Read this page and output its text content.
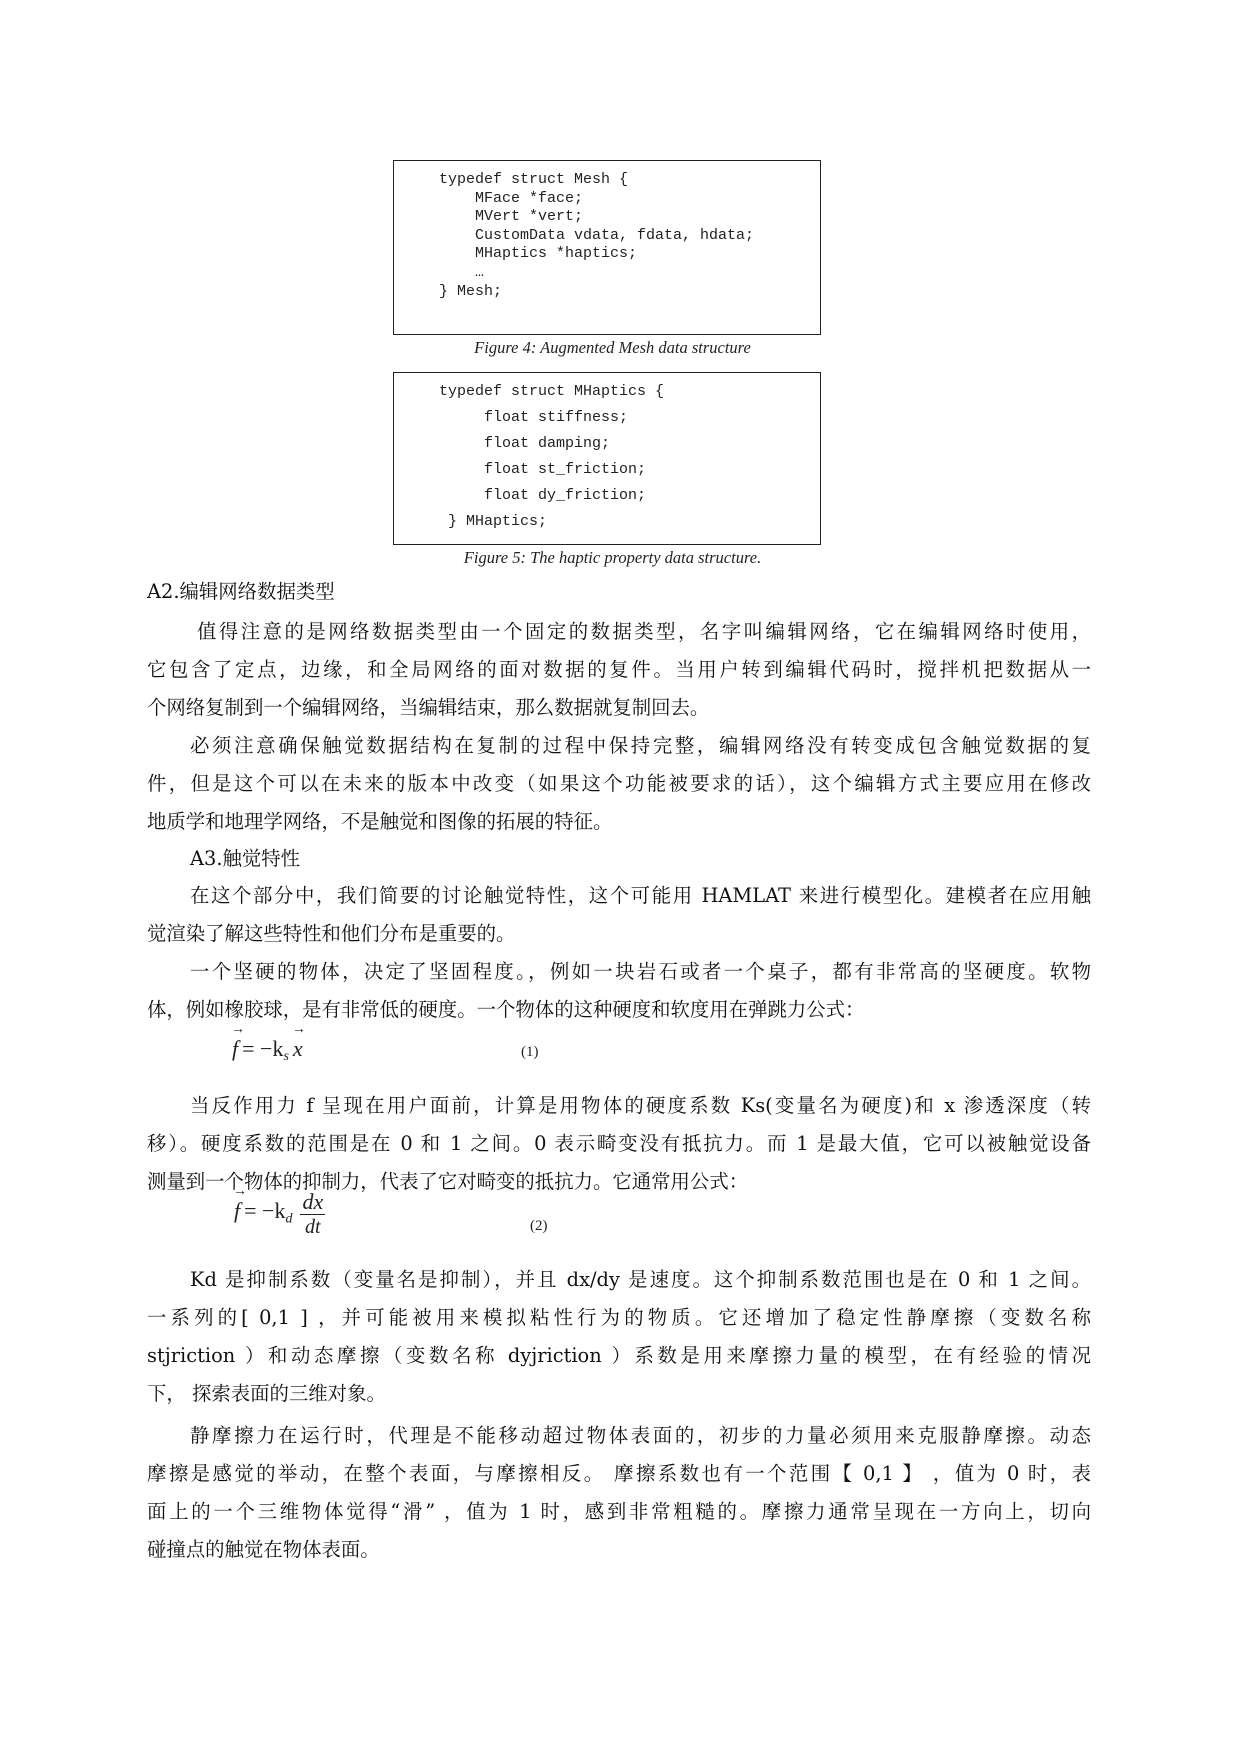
typedef struct Mesh {
MFace *face;
MVert *vert;
CustomData vdata, fdata, hdata;
MHaptics *haptics;
…
} Mesh;
Figure 4: Augmented Mesh data structure
typedef struct MHaptics {
float stiffness;
float damping;
float st_friction;
float dy_friction;
} MHaptics;
Figure 5: The haptic property data structure.
A2.编辑网络数据类型
值得注意的是网络数据类型由一个固定的数据类型，名字叫编辑网络，它在编辑网络时使用，
它包含了定点，边缘，和全局网络的面对数据的复件。当用户转到编辑代码时，搅拌机把数据从一
个网络复制到一个编辑网络，当编辑结束，那么数据就复制回去。
必须注意确保触觉数据结构在复制的过程中保持完整，编辑网络没有转变成包含触觉数据的复
件，但是这个可以在未来的版本中改变（如果这个功能被要求的话），这个编辑方式主要应用在修改
地质学和地理学网络，不是触觉和图像的拓展的特征。
A3.触觉特性
在这个部分中，我们简要的讨论触觉特性，这个可能用 HAMLAT 来进行模型化。建模者在应用触
觉渲染了解这些特性和他们分布是重要的。
一个坚硬的物体，决定了坚固程度。，例如一块岩石或者一个桌子，都有非常高的坚硬度。软物
体，例如橡胶球，是有非常低的硬度。一个物体的这种硬度和软度用在弹跳力公式：
→ $f = -k_s \to x$	(1)
当反作用力 f 呈现在用户面前，计算是用物体的硬度系数 Ks(变量名为硬度)和 x 渗透深度（转
移）。硬度系数的范围是在 0 和 1 之间。0 表示畸变没有抵抗力。而 1 是最大值，它可以被触觉设备
测量到一个物体的抑制力，代表了它对畸变的抵抗力。它通常用公式：
→ $f = -k_d \frac{dx}{dt}$	(2)
Kd 是抑制系数（变量名是抑制），并且 dx/dy 是速度。这个抑制系数范围也是在 0 和 1 之间。
一系列的[ 0,1 ] ，并可能被用来模拟粘性行为的物质。它还增加了稳定性静摩擦（变数名称
stjriction ）和动态摩擦（变数名称 dyjriction ）系数是用来摩擦力量的模型，在有经验的情况
下， 探索表面的三维对象。
静摩擦力在运行时，代理是不能移动超过物体表面的，初步的力量必须用来克服静摩擦。动态
摩擦是感觉的举动，在整个表面，与摩擦相反。 摩擦系数也有一个范围【 0,1 】 ，值为 0 时，表
面上的一个三维物体觉得“滑” ，值为 1 时，感到非常粗糙的。摩擦力通常呈现在一方向上，切向
碰撞点的触觉在物体表面。
